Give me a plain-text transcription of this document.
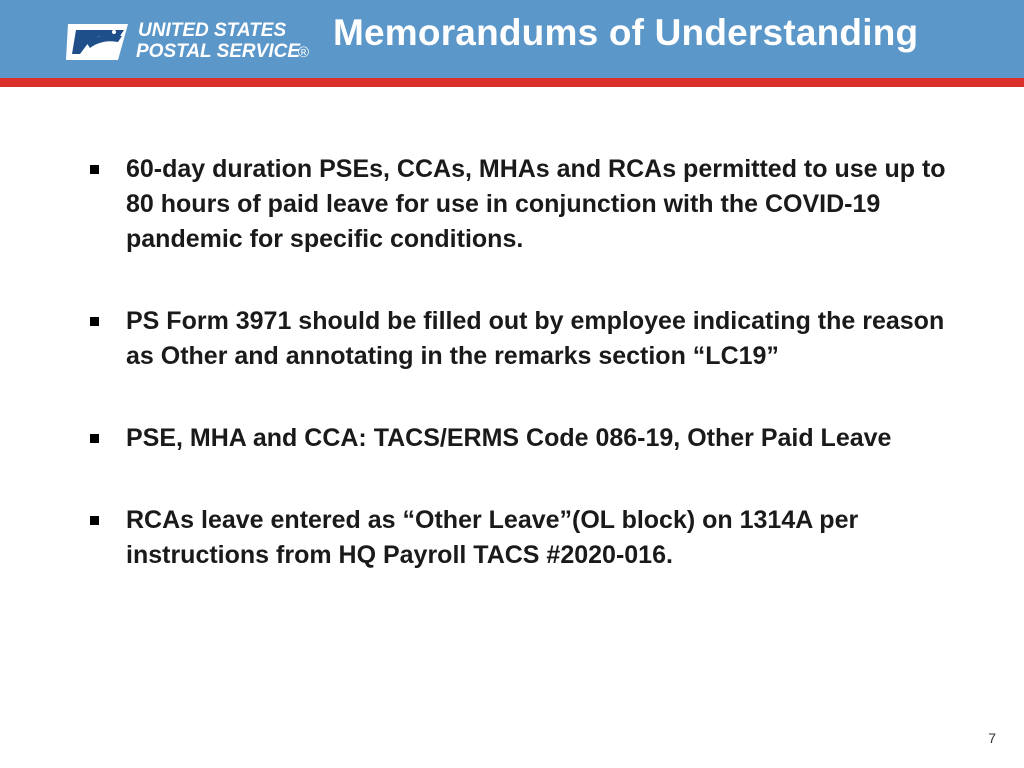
UNITED STATES
POSTAL SERVICE
® Memorandums of Understanding
60-day duration PSEs, CCAs, MHAs and RCAs permitted to use up to 80 hours of paid leave for use in conjunction with the COVID-19 pandemic for specific conditions.
PS Form 3971 should be filled out by employee indicating the reason as Other and annotating in the remarks section “LC19”
PSE, MHA and CCA: TACS/ERMS Code 086-19, Other Paid Leave
RCAs leave entered as “Other Leave”(OL block) on 1314A per instructions from HQ Payroll TACS #2020-016.
7
